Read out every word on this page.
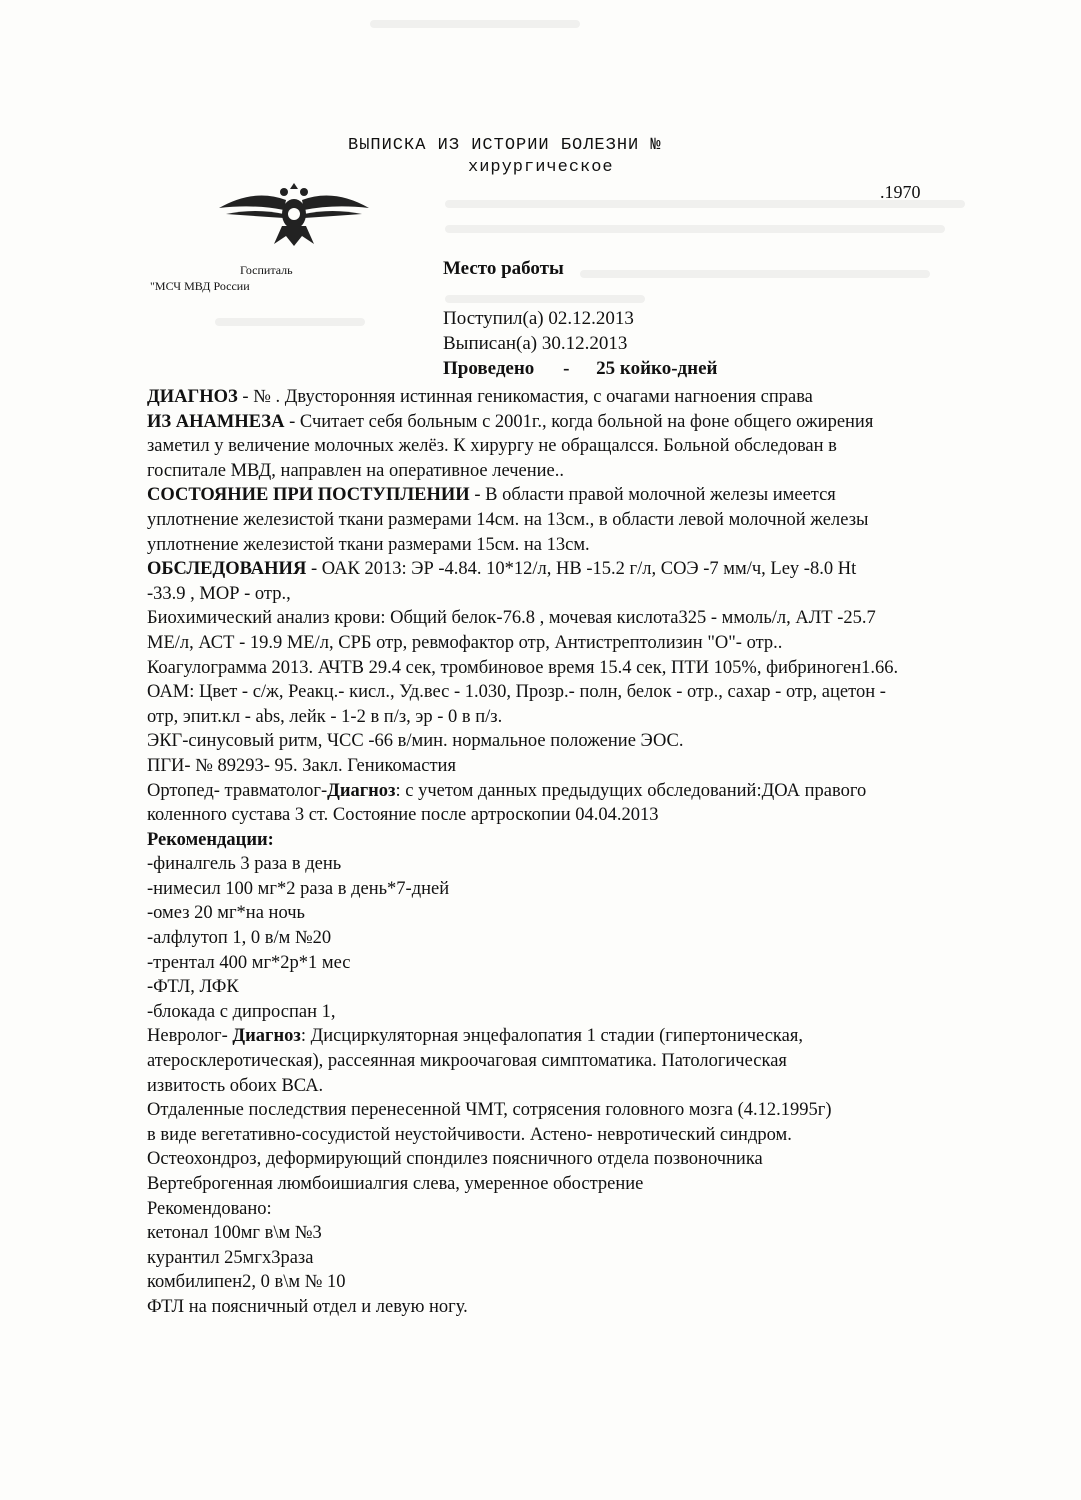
ВЫПИСКА ИЗ ИСТОРИИ БОЛЕЗНИ №
хирургическое
.1970
Госпиталь
"МСЧ МВД России
Место работы
Поступил(а) 02.12.2013
Выписан(а) 30.12.2013
Проведено - 25 койко-дней

ДИАГНОЗ - № . Двусторонняя истинная геникомастия, с очагами нагноения справа

ИЗ АНАМНЕЗА - Считает себя больным с 2001г., когда больной на фоне общего ожирения

заметил у величение молочных желёз. К хирургу не обращалсся. Больной обследован в

госпитале МВД, направлен на оперативное лечение..

СОСТОЯНИЕ ПРИ ПОСТУПЛЕНИИ - В области правой молочной железы имеется

уплотнение железистой ткани размерами 14см. на 13см., в области левой молочной железы

уплотнение железистой ткани размерами 15см. на 13см.

ОБСЛЕДОВАНИЯ - ОАК 2013: ЭР -4.84. 10*12/л, НВ -15.2 г/л, СОЭ -7 мм/ч, Ley -8.0 Ht

-33.9 , МОР - отр.,

Биохимический анализ крови: Общий белок-76.8 , мочевая кислота325 - ммоль/л, АЛТ -25.7

МЕ/л, АСТ - 19.9 МЕ/л, СРБ отр, ревмофактор отр, Антистрептолизин "О"- отр..

Коагулограмма 2013. АЧТВ 29.4 сек, тромбиновое время 15.4 сек, ПТИ 105%, фибриноген1.66.

ОАМ: Цвет - с/ж, Реакц.- кисл., Уд.вес - 1.030, Прозр.- полн, белок - отр., сахар - отр, ацетон -

отр, эпит.кл - abs, лейк - 1-2 в п/з, эр - 0 в п/з.

ЭКГ-синусовый ритм, ЧСС -66 в/мин. нормальное положение ЭОС.

ПГИ- № 89293- 95. Закл. Геникомастия

Ортопед- травматолог-Диагноз: с учетом данных предыдущих обследований:ДОА правого

коленного сустава 3 ст. Состояние после артроскопии 04.04.2013

Рекомендации:

-финалгель 3 раза в день

-нимесил 100 мг*2 раза в день*7-дней

-омез 20 мг*на ночь

-алфлутоп 1, 0 в/м №20

-трентал 400 мг*2р*1 мес

-ФТЛ, ЛФК

-блокада с дипроспан 1,

Невролог- Диагноз: Дисциркуляторная энцефалопатия 1 стадии (гипертоническая,

атеросклеротическая), рассеянная микроочаговая симптоматика. Патологическая

извитость обоих ВСА.

Отдаленные последствия перенесенной ЧМТ, сотрясения головного мозга (4.12.1995г)

в виде вегетативно-сосудистой неустойчивости. Астено- невротический синдром.

Остеохондроз, деформирующий спондилез поясничного отдела позвоночника

Вертеброгенная люмбоишиалгия слева, умеренное обострение

Рекомендовано:

кетонал 100мг в\м №3

курантил 25мгх3раза

комбилипен2, 0 в\м № 10

ФТЛ на поясничный отдел и левую ногу.
